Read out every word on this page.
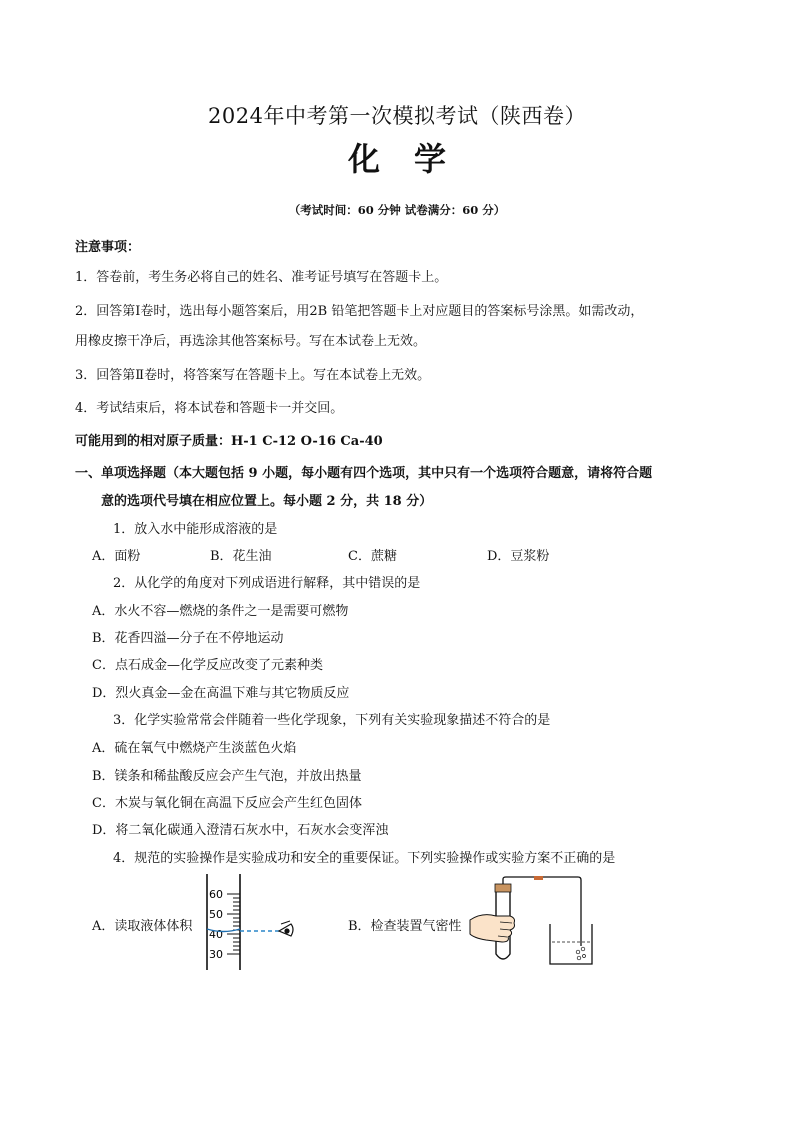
2024年中考第一次模拟考试（陕西卷）
化学
（考试时间：60 分钟 试卷满分：60 分）
注意事项：
1．答卷前，考生务必将自己的姓名、准考证号填写在答题卡上。
2．回答第Ⅰ卷时，选出每小题答案后，用2B 铅笔把答题卡上对应题目的答案标号涂黑。如需改动，
用橡皮擦干净后，再选涂其他答案标号。写在本试卷上无效。
3．回答第Ⅱ卷时，将答案写在答题卡上。写在本试卷上无效。
4．考试结束后，将本试卷和答题卡一并交回。
可能用到的相对原子质量：H-1 C-12 O-16 Ca-40
一、单项选择题（本大题包括 9 小题，每小题有四个选项，其中只有一个选项符合题意，请将符合题
意的选项代号填在相应位置上。每小题 2 分，共 18 分）
1．放入水中能形成溶液的是
A．面粉	B．花生油	C．蔗糖	D．豆浆粉
2．从化学的角度对下列成语进行解释，其中错误的是
A．水火不容—燃烧的条件之一是需要可燃物
B．花香四溢—分子在不停地运动
C．点石成金—化学反应改变了元素种类
D．烈火真金—金在高温下难与其它物质反应
3．化学实验常常会伴随着一些化学现象，下列有关实验现象描述不符合的是
A．硫在氧气中燃烧产生淡蓝色火焰
B．镁条和稀盐酸反应会产生气泡，并放出热量
C．木炭与氧化铜在高温下反应会产生红色固体
D．将二氧化碳通入澄清石灰水中，石灰水会变浑浊
4．规范的实验操作是实验成功和安全的重要保证。下列实验操作或实验方案不正确的是
A．读取液体体积
60
50
40
30
B．检查装置气密性
